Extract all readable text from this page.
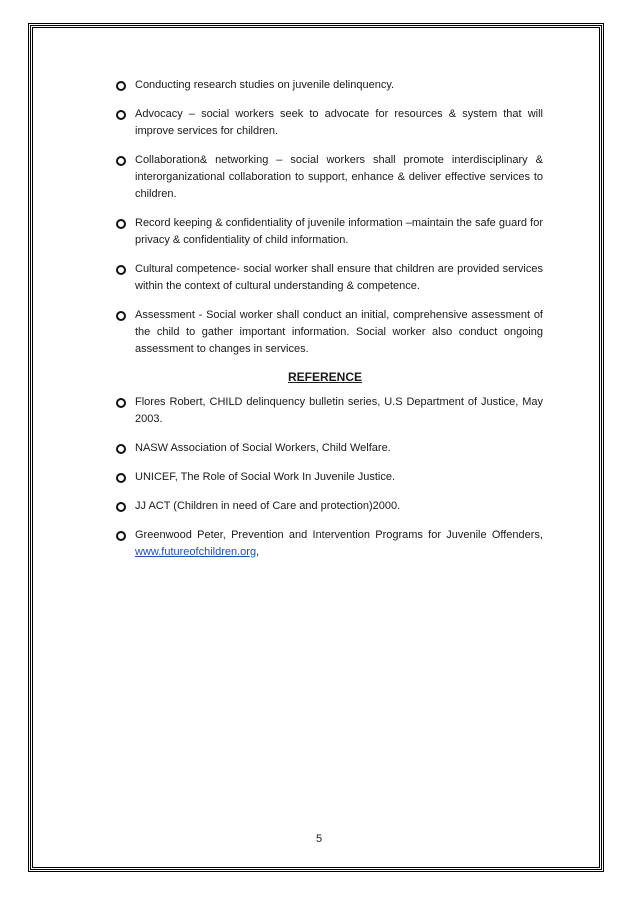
Conducting research studies on juvenile delinquency.
Advocacy – social workers seek to advocate for resources & system that will improve services for children.
Collaboration& networking – social workers shall promote interdisciplinary & interorganizational collaboration to support, enhance & deliver effective services to children.
Record keeping & confidentiality of juvenile information –maintain the safe guard for privacy & confidentiality of child information.
Cultural competence- social worker shall ensure that children are provided services within the context of cultural understanding & competence.
Assessment - Social worker shall conduct an initial, comprehensive assessment of the child to gather important information. Social worker also conduct ongoing assessment to changes in services.
REFERENCE
Flores Robert, CHILD delinquency bulletin series, U.S Department of Justice, May 2003.
NASW Association of Social Workers, Child Welfare.
UNICEF, The Role of Social Work In Juvenile Justice.
JJ ACT (Children in need of Care and protection)2000.
Greenwood Peter, Prevention and Intervention Programs for Juvenile Offenders, www.futureofchildren.org,
5
